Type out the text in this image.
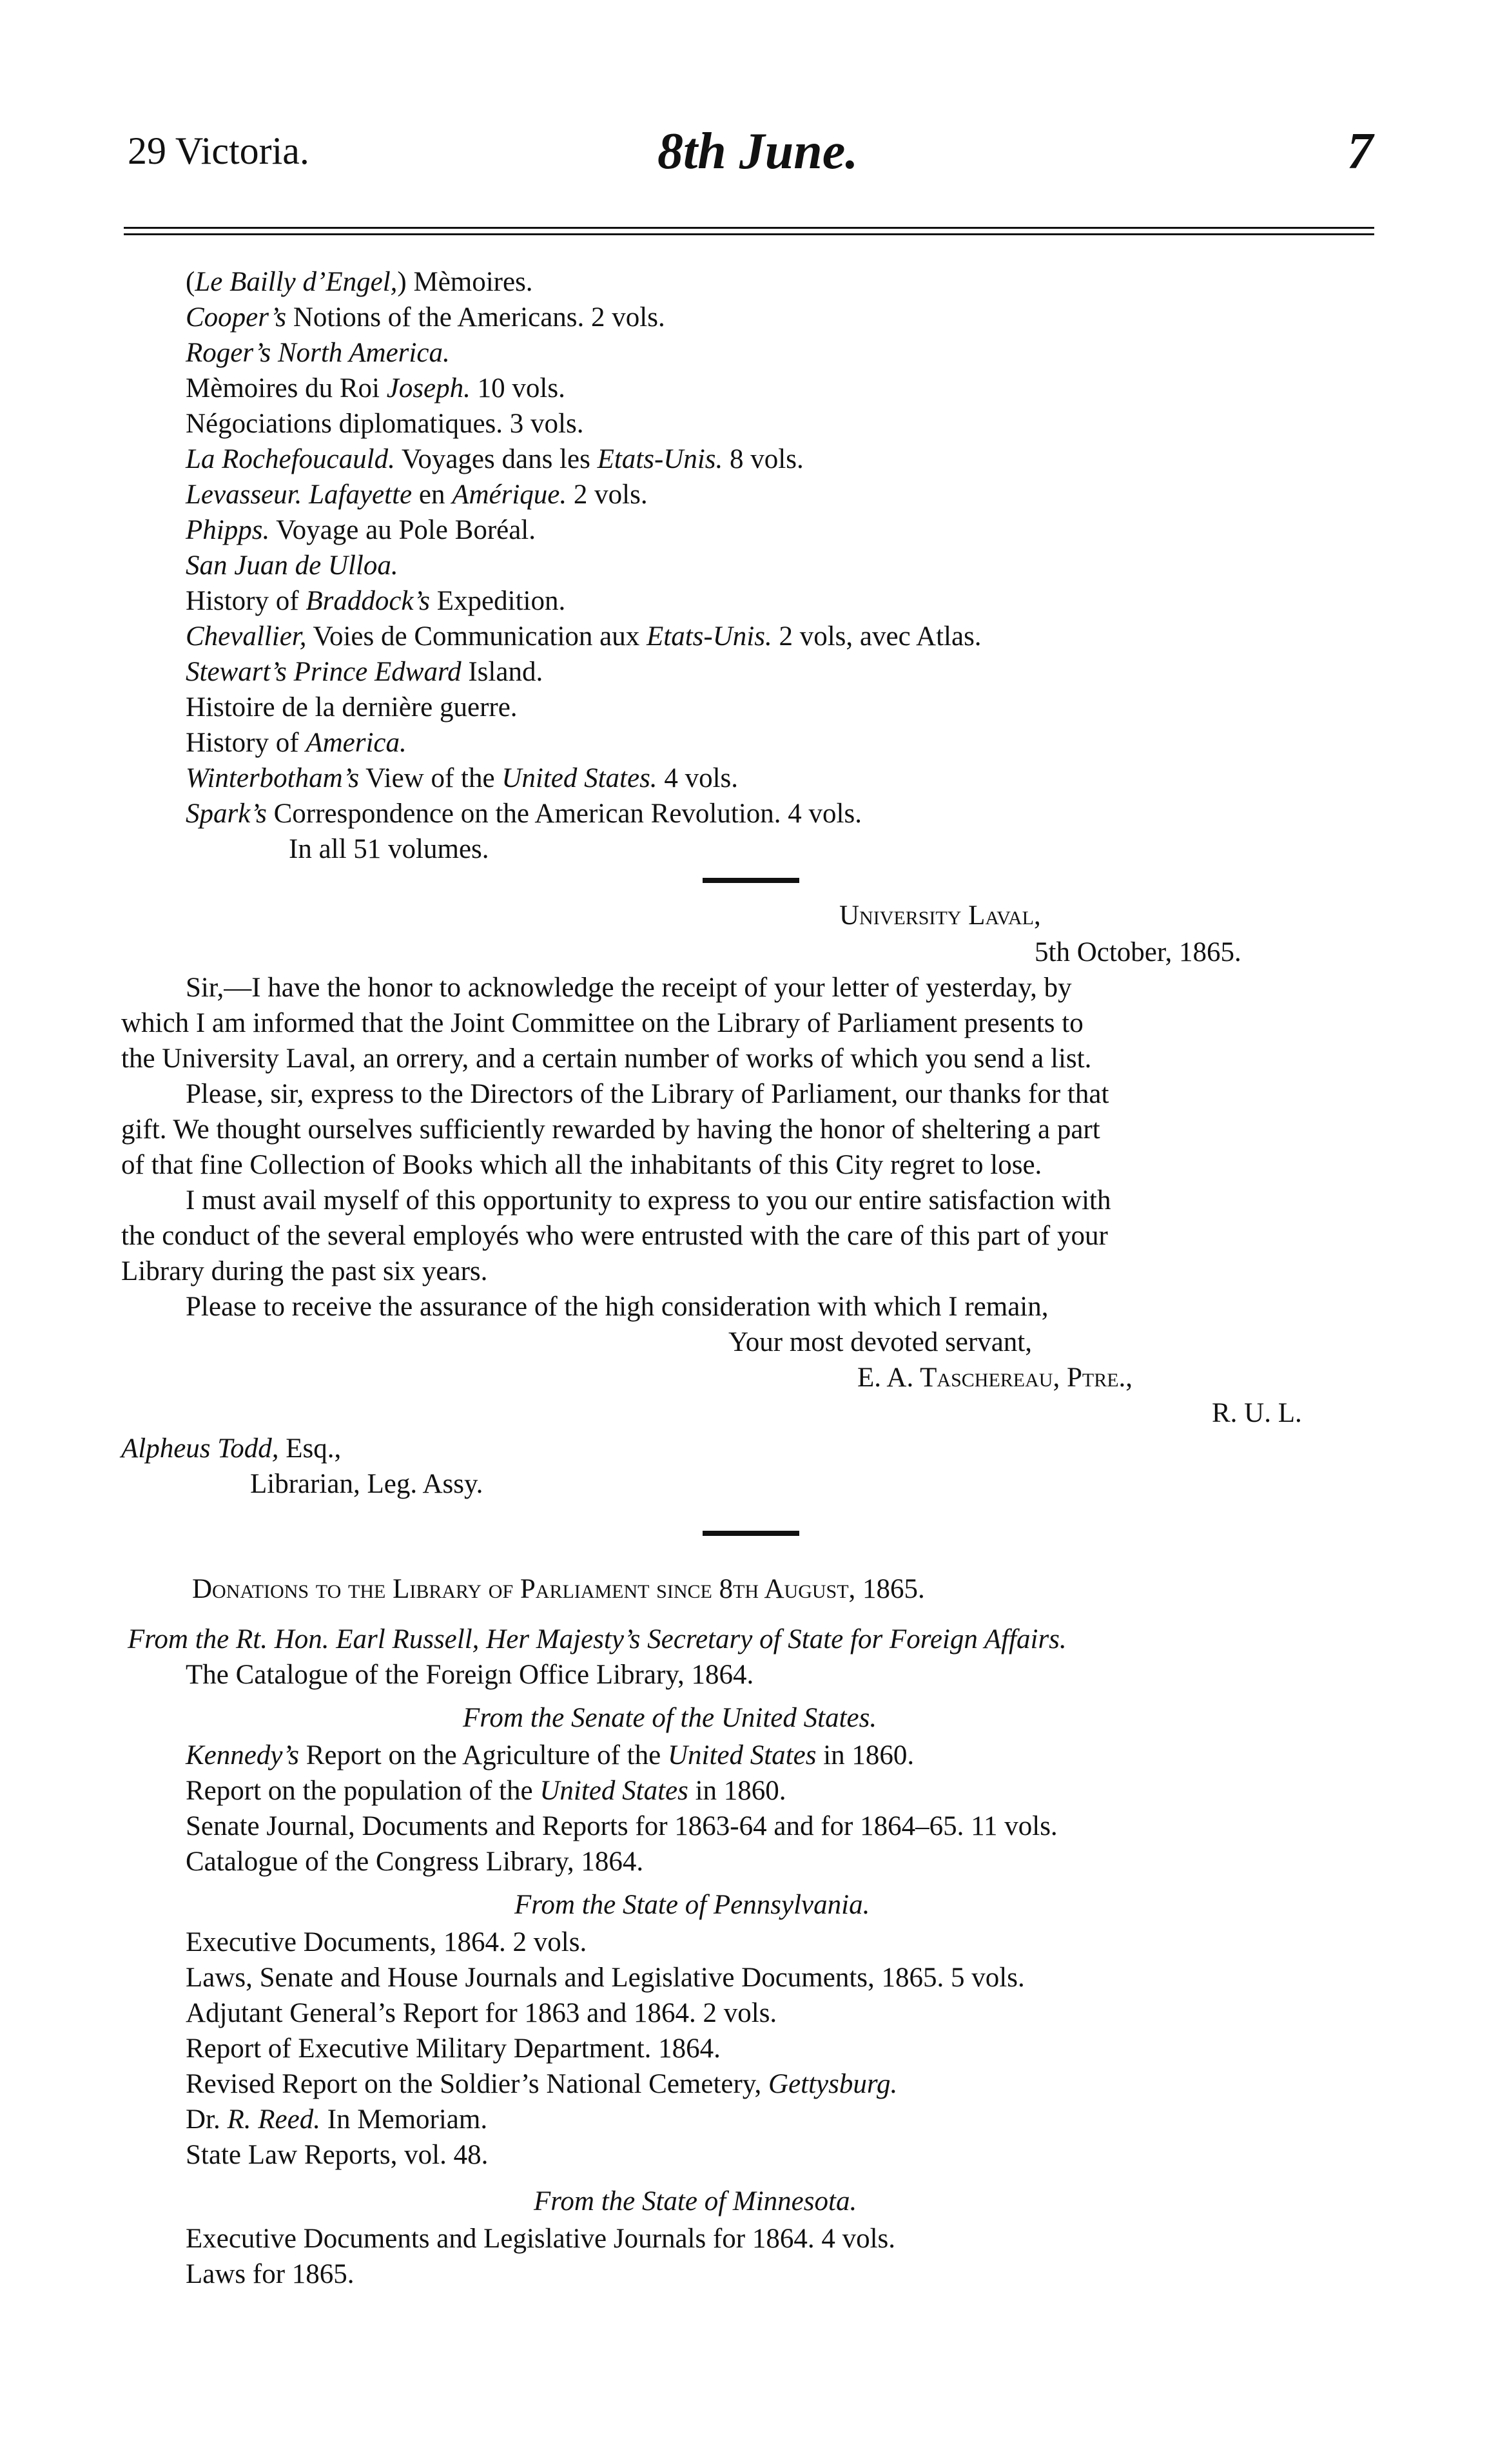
29 Victoria.	8th June.	7
(Le Bailly d’Engel,) Mèmoires.
Cooper’s Notions of the Americans. 2 vols.
Roger’s North America.
Mèmoires du Roi Joseph. 10 vols.
Négociations diplomatiques. 3 vols.
La Rochefoucauld. Voyages dans les Etats-Unis. 8 vols.
Levasseur. Lafayette en Amérique. 2 vols.
Phipps. Voyage au Pole Boréal.
San Juan de Ulloa.
History of Braddock’s Expedition.
Chevallier, Voies de Communication aux Etats-Unis. 2 vols, avec Atlas.
Stewart’s Prince Edward Island.
Histoire de la dernière guerre.
History of America.
Winterbotham’s View of the United States. 4 vols.
Spark’s Correspondence on the American Revolution. 4 vols.
In all 51 volumes.
University Laval,
5th October, 1865.
Sir,—I have the honor to acknowledge the receipt of your letter of yesterday, by
which I am informed that the Joint Committee on the Library of Parliament presents to
the University Laval, an orrery, and a certain number of works of which you send a list.
Please, sir, express to the Directors of the Library of Parliament, our thanks for that
gift. We thought ourselves sufficiently rewarded by having the honor of sheltering a part
of that fine Collection of Books which all the inhabitants of this City regret to lose.
I must avail myself of this opportunity to express to you our entire satisfaction with
the conduct of the several employés who were entrusted with the care of this part of your
Library during the past six years.
Please to receive the assurance of the high consideration with which I remain,
Your most devoted servant,
E. A. Taschereau, Ptre.,
R. U. L.
Alpheus Todd, Esq.,
Librarian, Leg. Assy.
Donations to the Library of Parliament since 8th August, 1865.
From the Rt. Hon. Earl Russell, Her Majesty’s Secretary of State for Foreign Affairs.
The Catalogue of the Foreign Office Library, 1864.
From the Senate of the United States.
Kennedy’s Report on the Agriculture of the United States in 1860.
Report on the population of the United States in 1860.
Senate Journal, Documents and Reports for 1863-64 and for 1864–65. 11 vols.
Catalogue of the Congress Library, 1864.
From the State of Pennsylvania.
Executive Documents, 1864. 2 vols.
Laws, Senate and House Journals and Legislative Documents, 1865. 5 vols.
Adjutant General’s Report for 1863 and 1864. 2 vols.
Report of Executive Military Department. 1864.
Revised Report on the Soldier’s National Cemetery, Gettysburg.
Dr. R. Reed. In Memoriam.
State Law Reports, vol. 48.
From the State of Minnesota.
Executive Documents and Legislative Journals for 1864. 4 vols.
Laws for 1865.
